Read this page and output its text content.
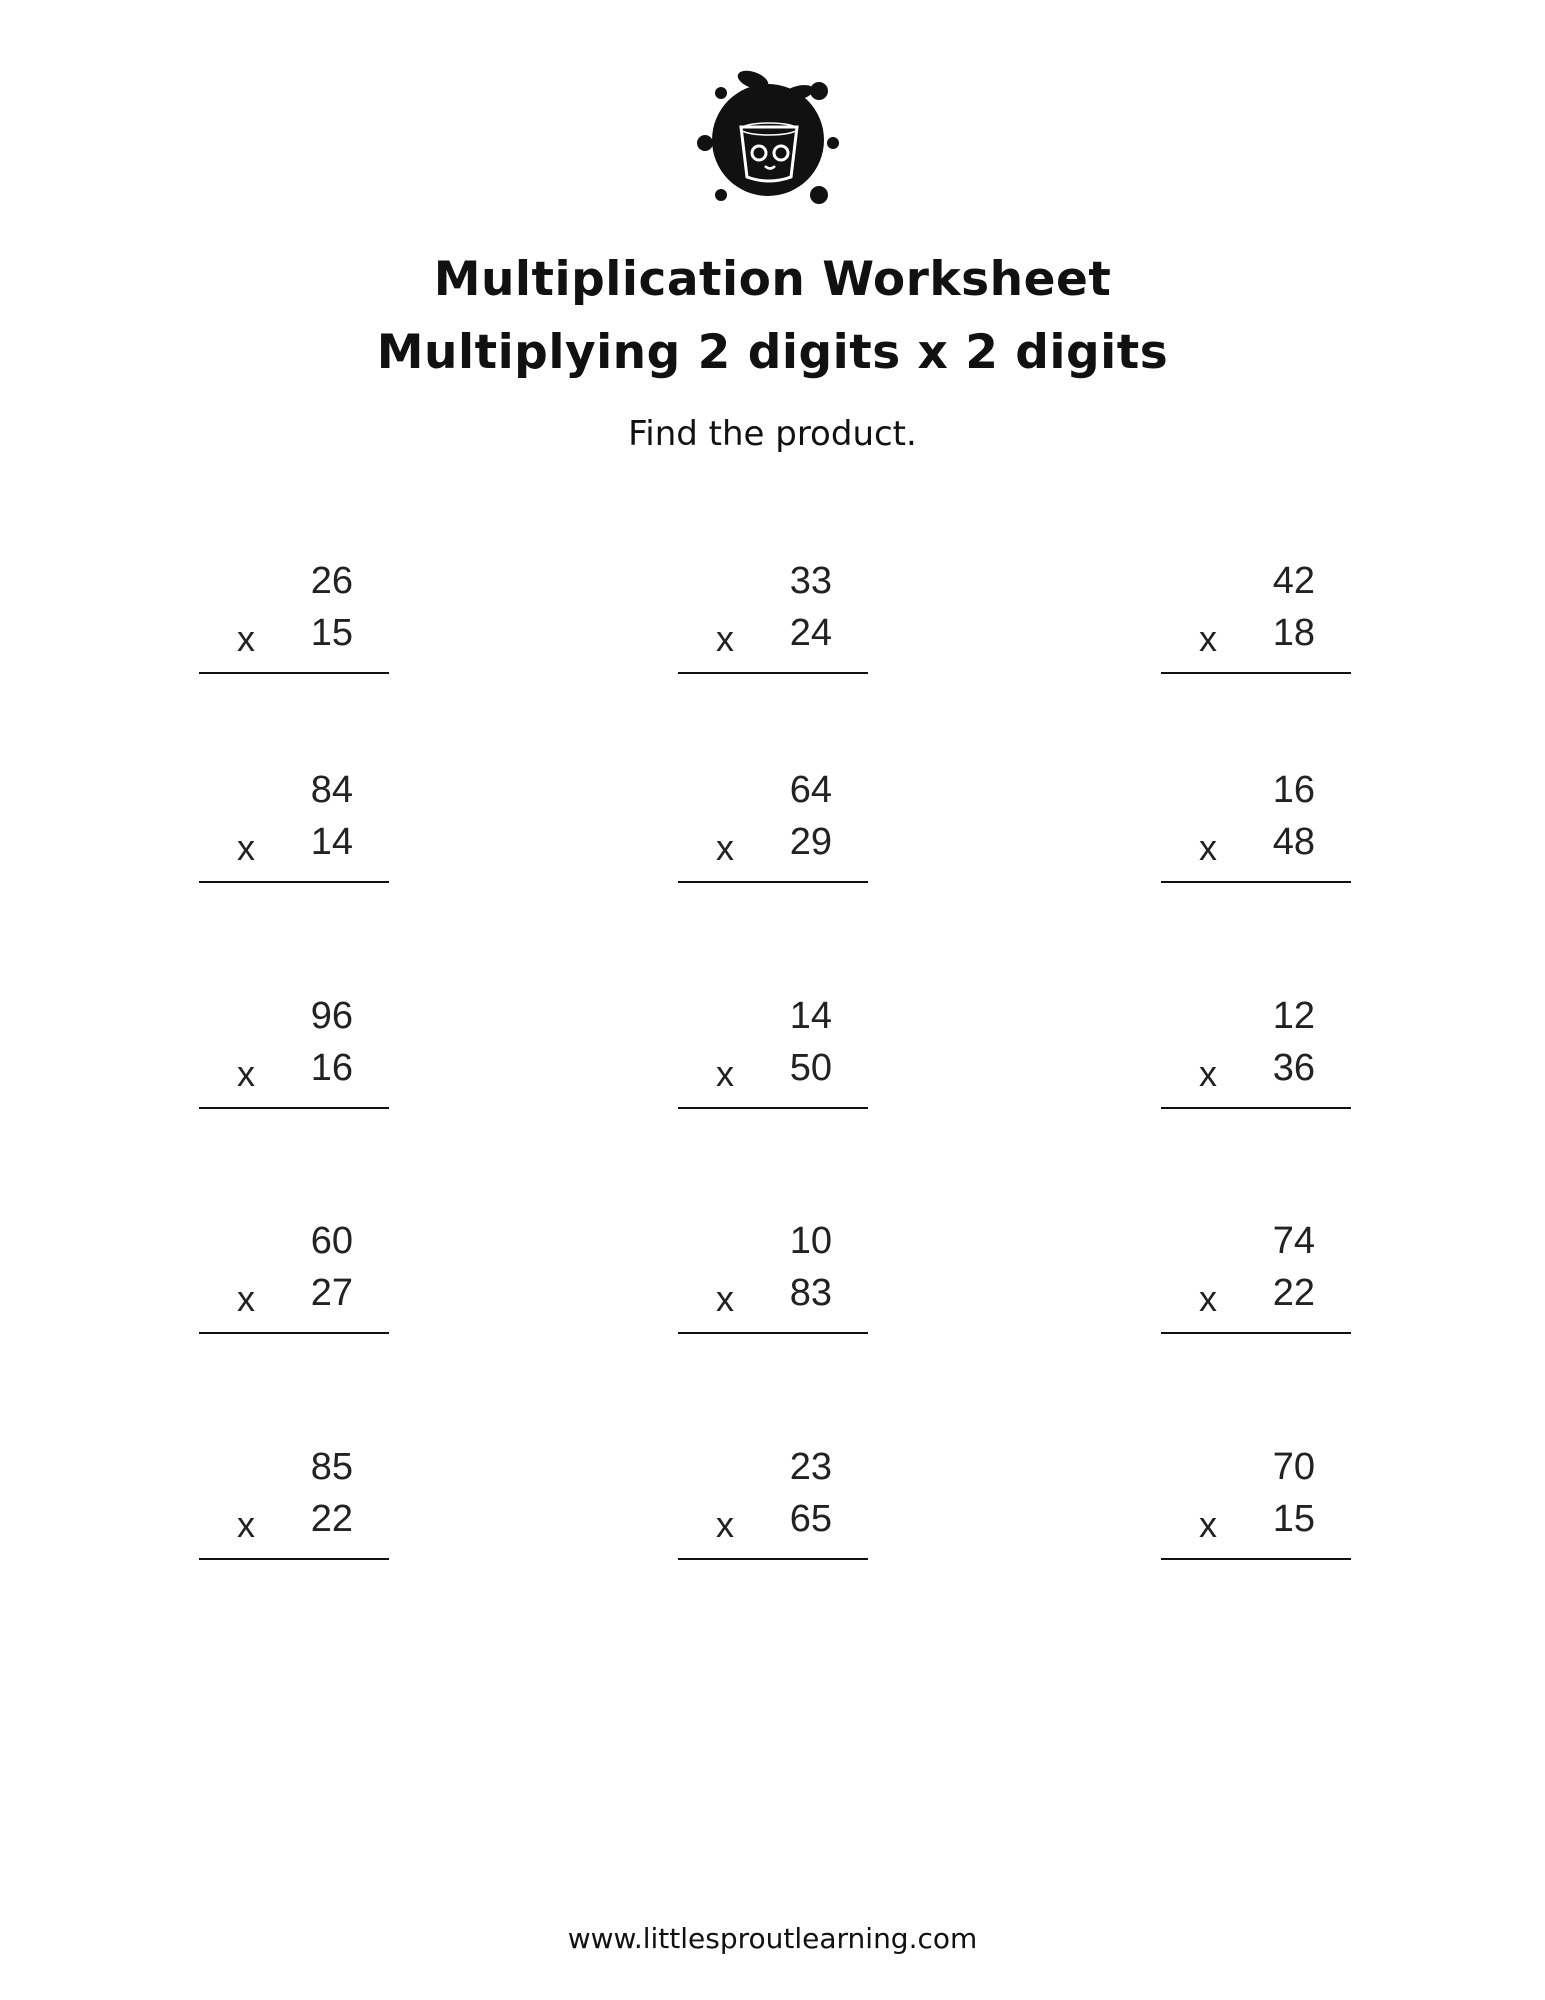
Multiplication Worksheet
Multiplying 2 digits x 2 digits
Find the product.
26
x 15
33
x 24
42
x 18
84
x 14
64
x 29
16
x 48
96
x 16
14
x 50
12
x 36
60
x 27
10
x 83
74
x 22
85
x 22
23
x 65
70
x 15
www.littlesproutlearning.com
